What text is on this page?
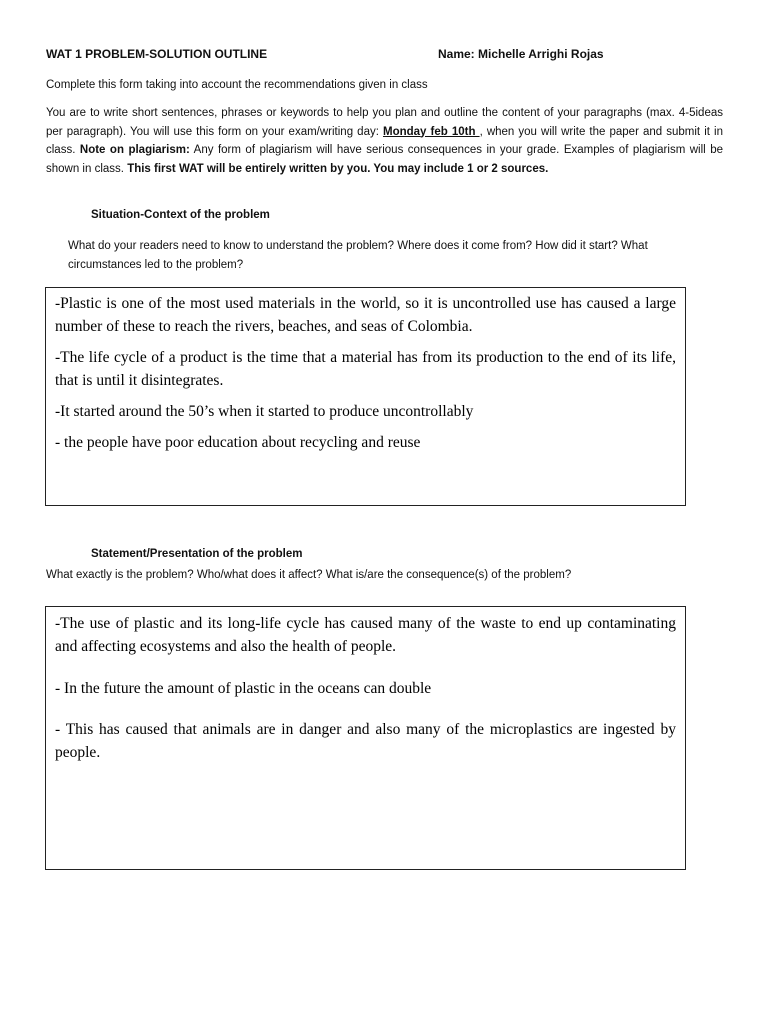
WAT 1 PROBLEM-SOLUTION OUTLINE	Name: Michelle Arrighi Rojas
Complete this form taking into account the recommendations given in class
You are to write short sentences, phrases or keywords to help you plan and outline the content of your paragraphs (max. 4-5ideas per paragraph). You will use this form on your exam/writing day: Monday feb 10th , when you will write the paper and submit it in class. Note on plagiarism: Any form of plagiarism will have serious consequences in your grade. Examples of plagiarism will be shown in class. This first WAT will be entirely written by you. You may include 1 or 2 sources.
Situation-Context of the problem
What do your readers need to know to understand the problem? Where does it come from? How did it start? What circumstances led to the problem?

-Plastic is one of the most used materials in the world, so it is uncontrolled use has caused a large number of these to reach the rivers, beaches, and seas of Colombia.

-The life cycle of a product is the time that a material has from its production to the end of its life, that is until it disintegrates.

-It started around the 50’s when it started to produce uncontrollably

- the people have poor education about recycling and reuse

Statement/Presentation of the problem
What exactly is the problem? Who/what does it affect? What is/are the consequence(s) of the problem?

-The use of plastic and its long-life cycle has caused many of the waste to end up contaminating and affecting ecosystems and also the health of people.

- In the future the amount of plastic in the oceans can double

- This has caused that animals are in danger and also many of the microplastics are ingested by people.
